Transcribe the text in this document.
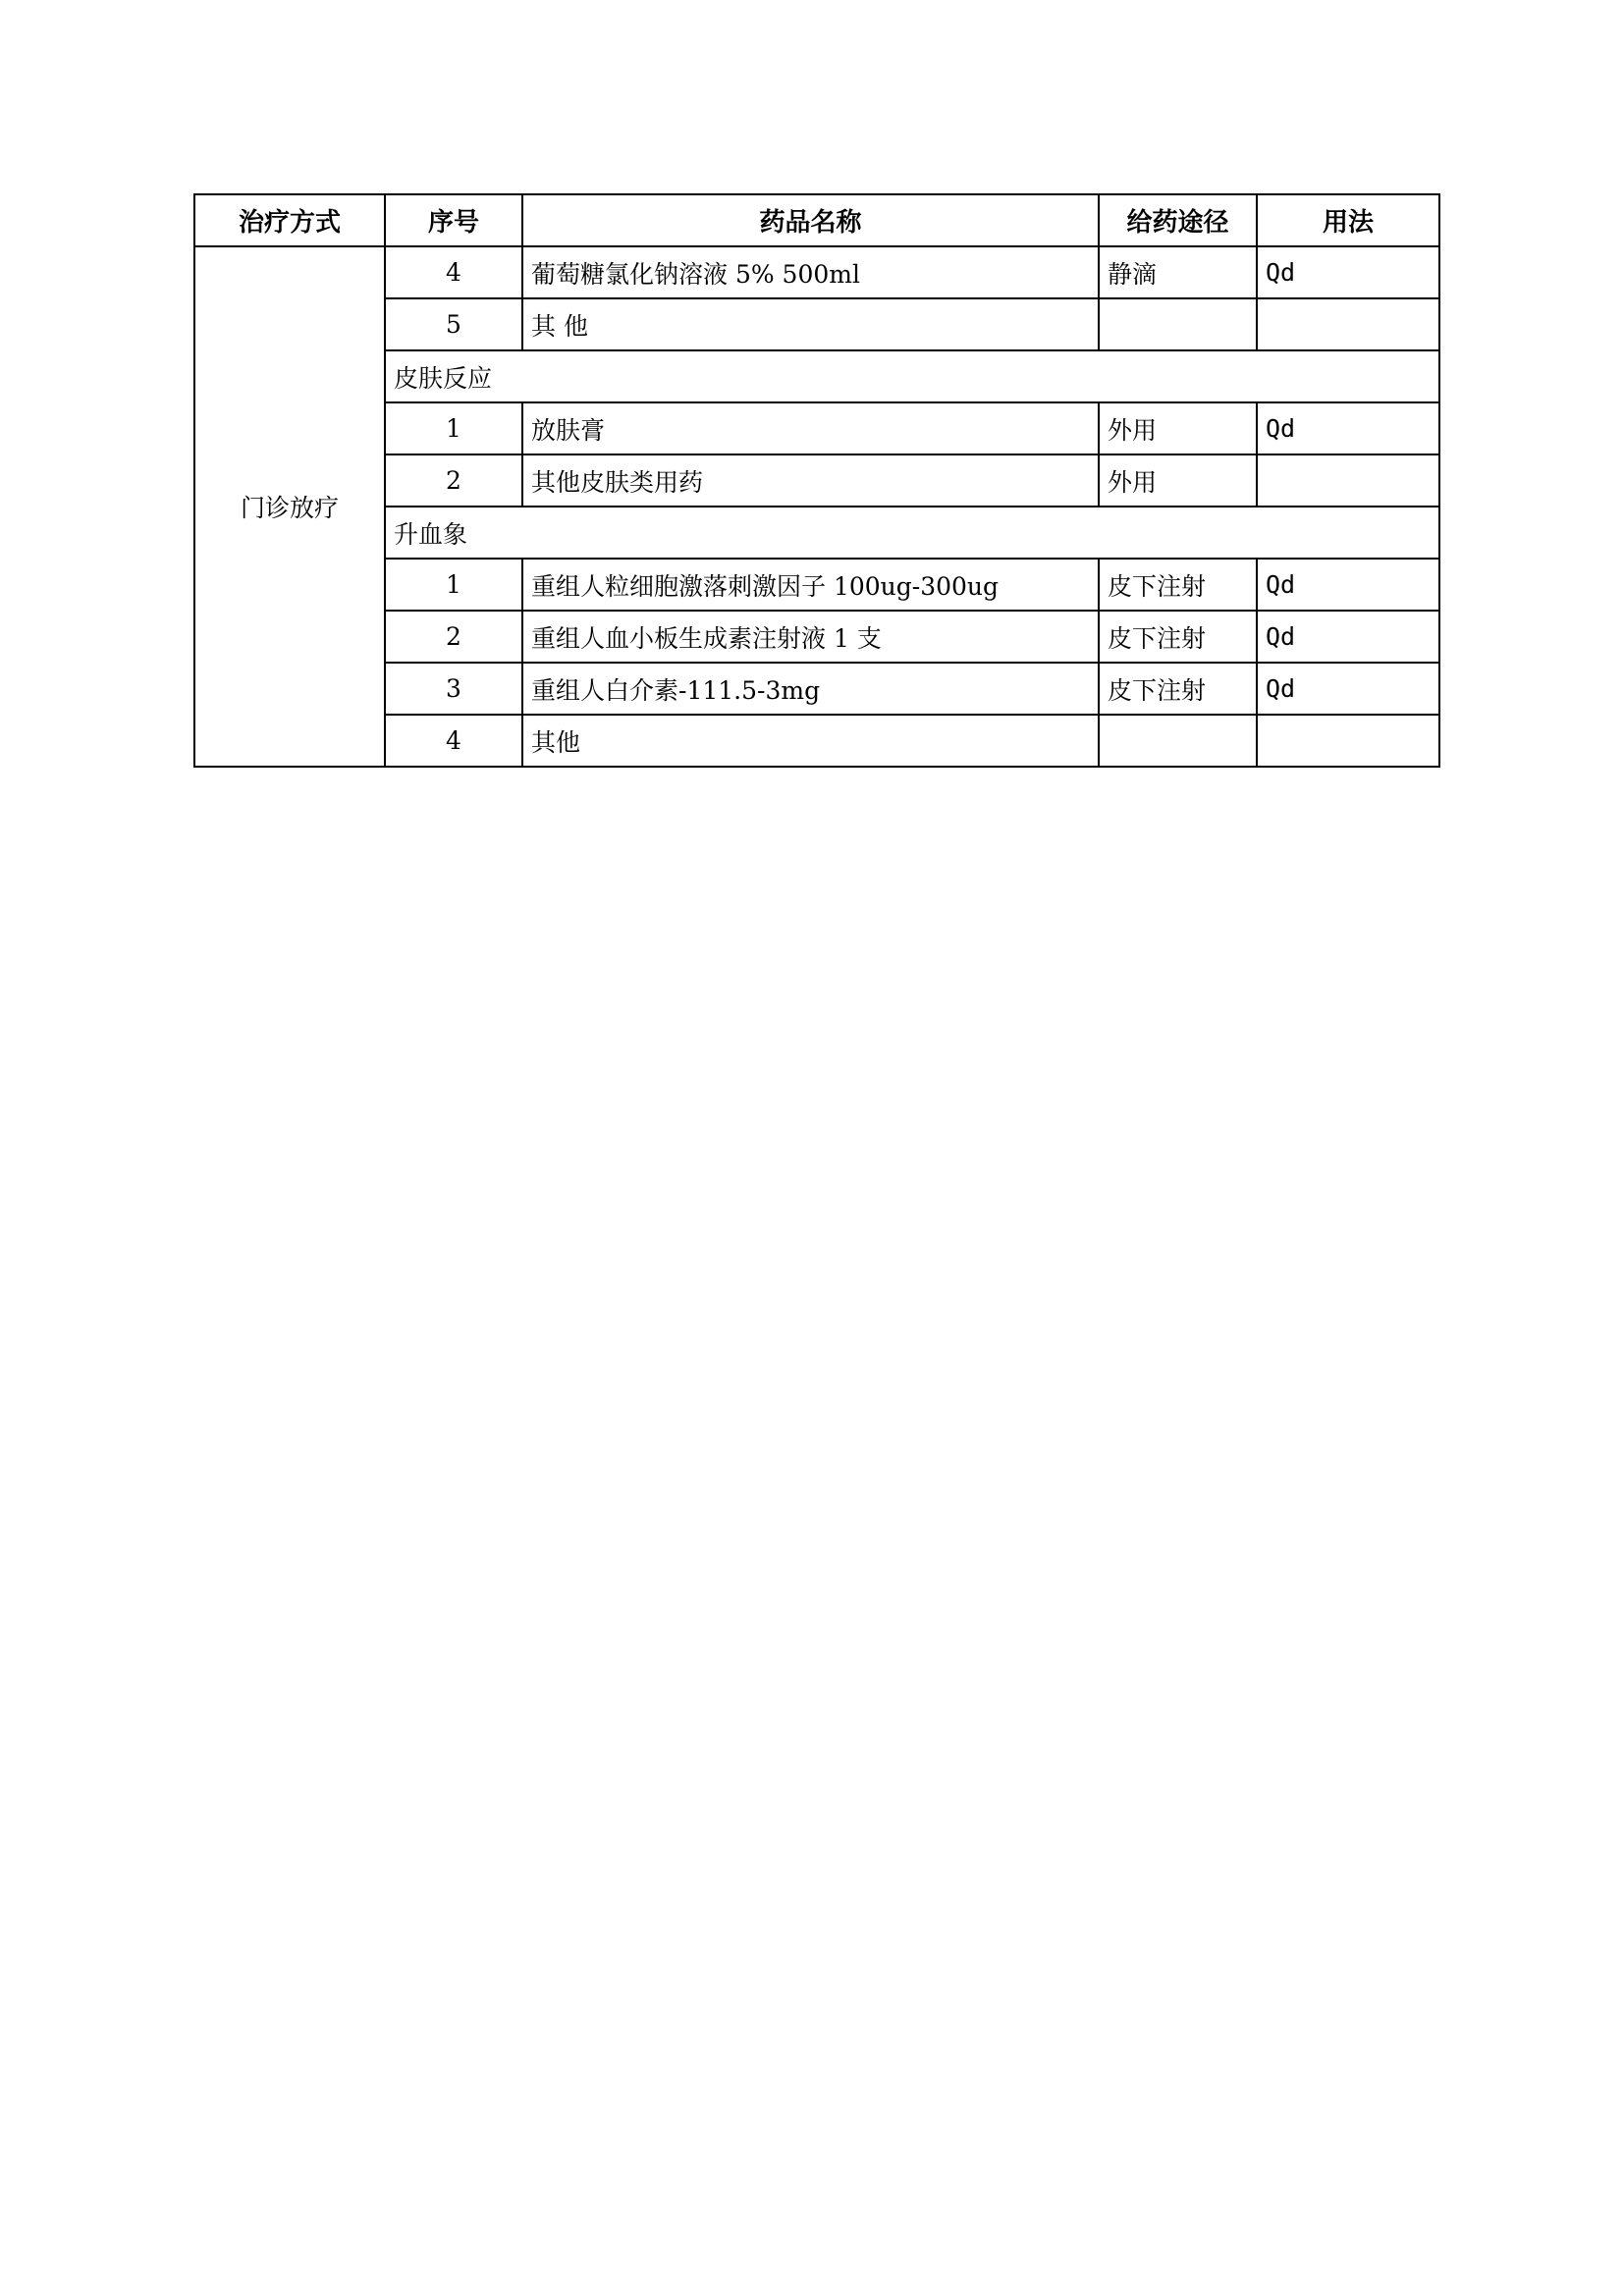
治疗方式	序号	药品名称	给药途径	用法
门诊放疗	4	葡萄糖氯化钠溶液 5% 500ml	静滴	Qd
	5	其 他		
	皮肤反应			
	1	放肤膏	外用	Qd
	2	其他皮肤类用药	外用	
	升血象			
	1	重组人粒细胞激落刺激因子 100ug-300ug	皮下注射	Qd
	2	重组人血小板生成素注射液 1 支	皮下注射	Qd
	3	重组人白介素-111.5-3mg	皮下注射	Qd
	4	其他		
